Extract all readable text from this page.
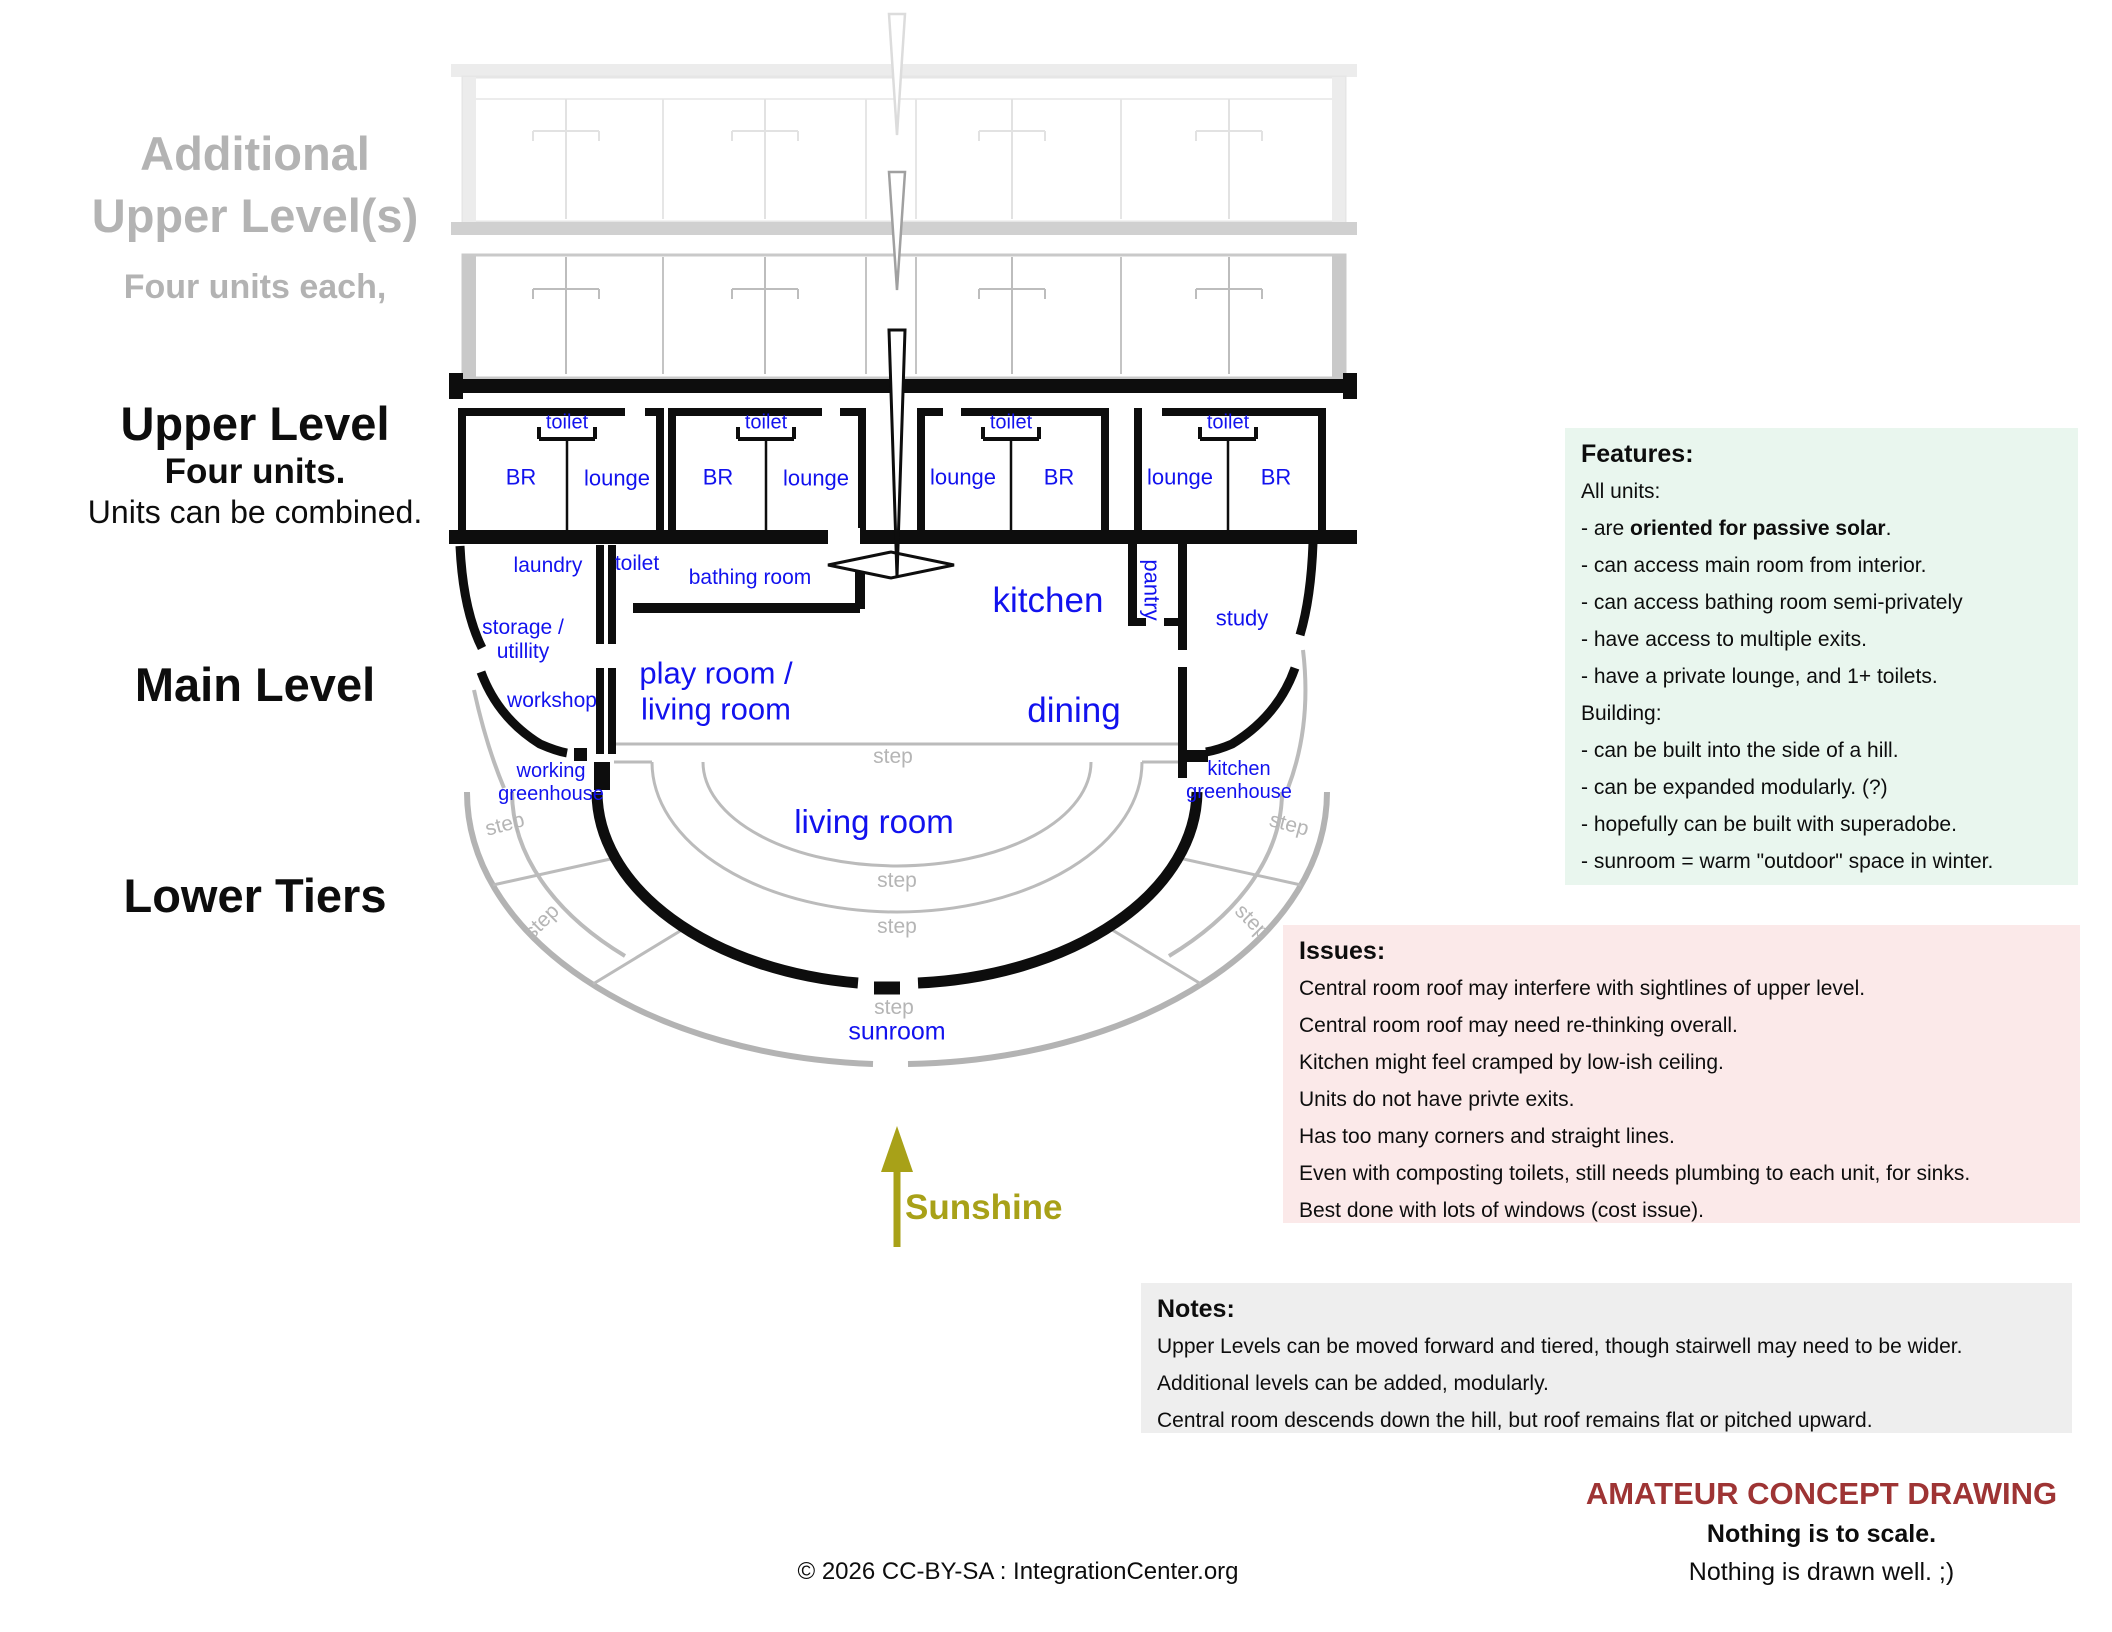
Additional
Upper Level(s)
Four units each,
Upper Level
Four units.
Units can be combined.
Main Level
Lower Tiers
toilet	toilet	toilet	toilet
BR lounge BR lounge	lounge BR	lounge BR
laundry toilet
bathing room
kitchen pantry study
storage / utillity
workshop
play room / living room	dining
working greenhouse
kitchen greenhouse
living room
sunroom
step
step
step
step
step
step
step
step
Features:
All units:
- are oriented for passive solar.
- can access main room from interior.
- can access bathing room semi-privately
- have access to multiple exits.
- have a private lounge, and 1+ toilets.
Building:
- can be built into the side of a hill.
- can be expanded modularly. (?)
- hopefully can be built with superadobe.
- sunroom = warm "outdoor" space in winter.
Issues:
Central room roof may interfere with sightlines of upper level.
Central room roof may need re-thinking overall.
Kitchen might feel cramped by low-ish ceiling.
Units do not have privte exits.
Has too many corners and straight lines.
Even with composting toilets, still needs plumbing to each unit, for sinks.
Best done with lots of windows (cost issue).
Notes:
Upper Levels can be moved forward and tiered, though stairwell may need to be wider.
Additional levels can be added, modularly.
Central room descends down the hill, but roof remains flat or pitched upward.
Sunshine
© 2026 CC-BY-SA : IntegrationCenter.org
AMATEUR CONCEPT DRAWING
Nothing is to scale.
Nothing is drawn well. ;)
